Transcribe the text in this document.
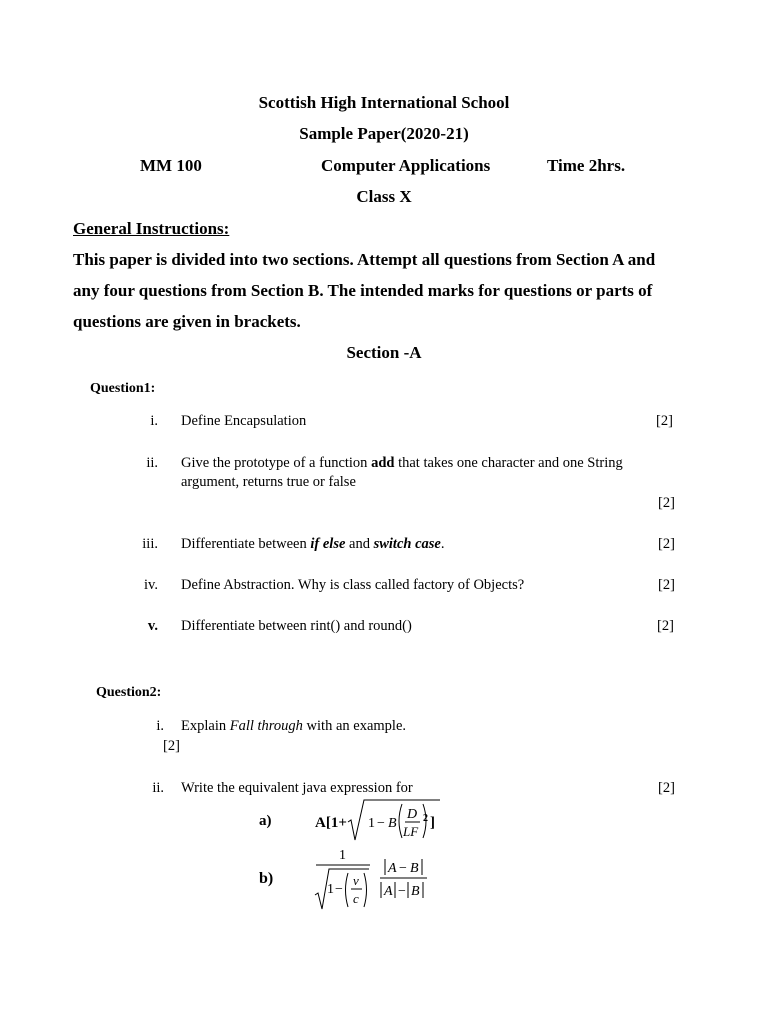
Scottish High International School
Sample Paper(2020-21)
MM 100	Computer Applications	Time 2hrs.
Class X
General Instructions:
This paper is divided into two sections. Attempt all questions from Section A and any four questions from Section B. The intended marks for questions or parts of questions are given in brackets.
Section -A
Question1:
i. Define Encapsulation	[2]
ii. Give the prototype of a function add that takes one character and one String
argument, returns true or false
[2]
iii. Differentiate between if else and switch case.	[2]
iv. Define Abstraction. Why is class called factory of Objects?	[2]
v. Differentiate between rint() and round()	[2]
Question2:
i. Explain Fall through with an example.
[2]
ii. Write the equivalent java expression for	[2]
a)	A[1+ 1 − B
D
LF
2 ]
b)
1
1 −
v
c
A − B
A − B
